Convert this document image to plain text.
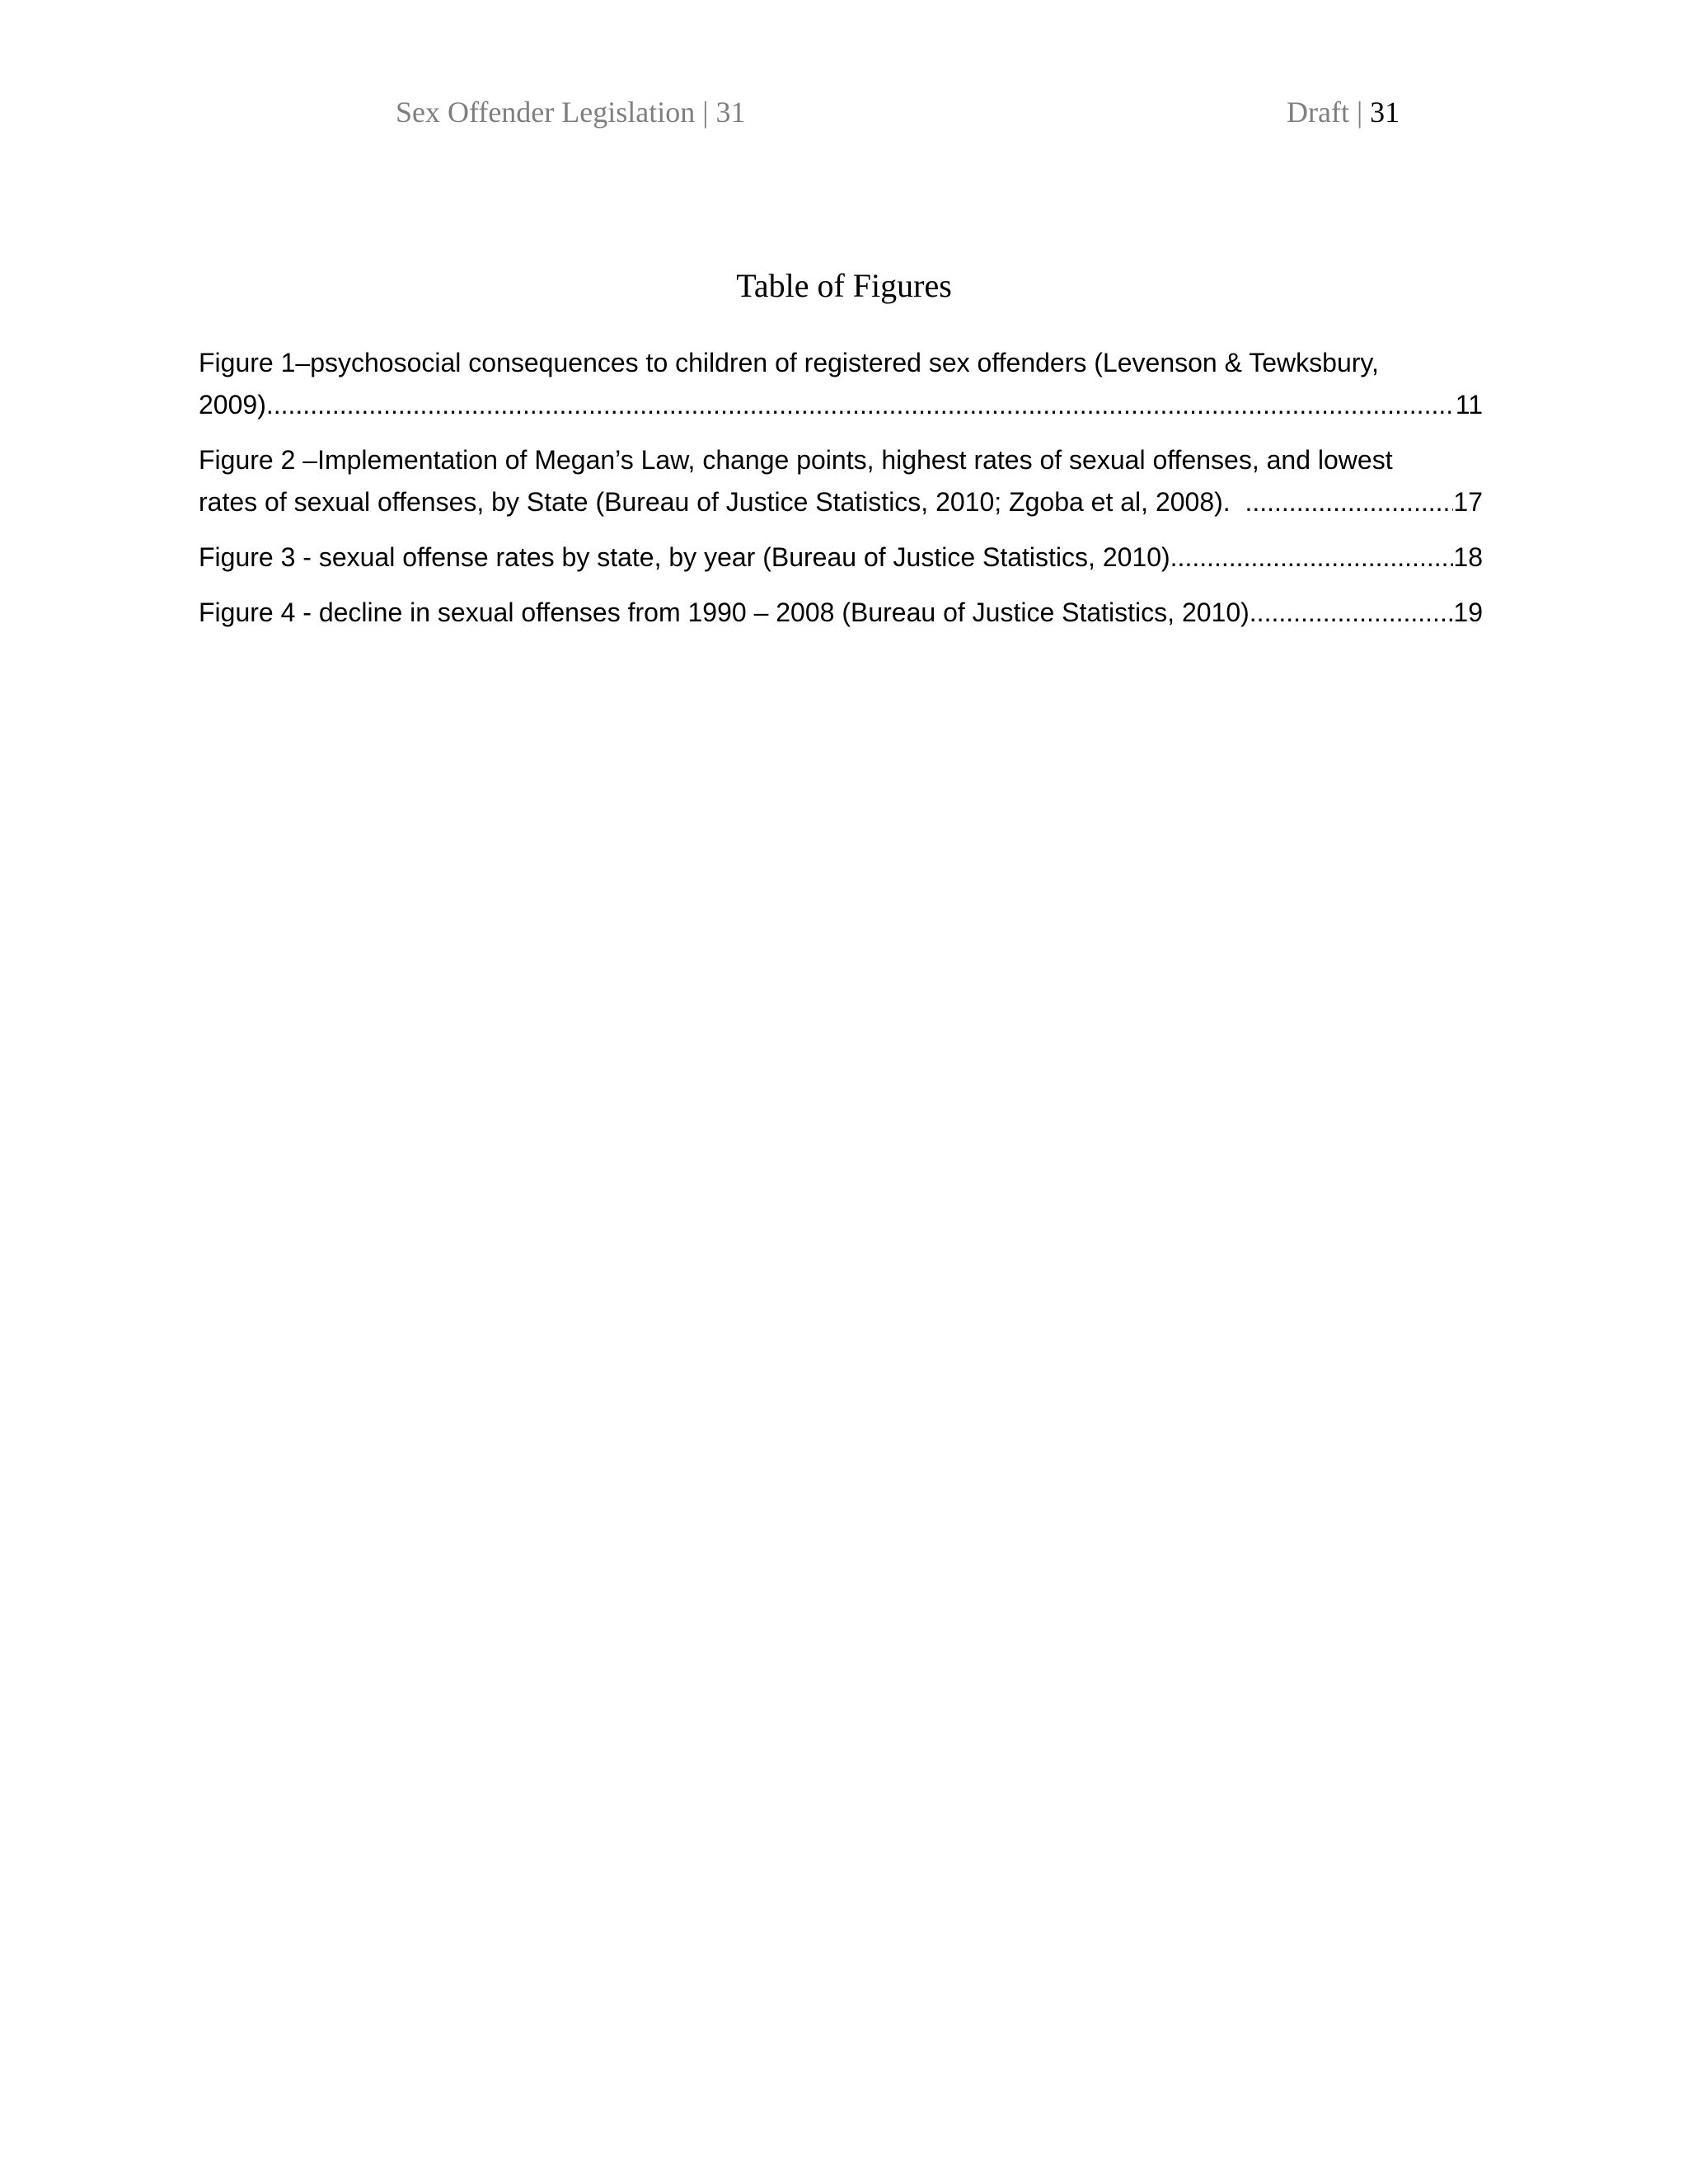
Sex Offender Legislation | 31	Draft | 31
Table of Figures
Figure 1–psychosocial consequences to children of registered sex offenders (Levenson & Tewksbury,
2009) .....	11
Figure 2 –Implementation of Megan’s Law, change points, highest rates of sexual offenses, and lowest
rates of sexual offenses, by State (Bureau of Justice Statistics, 2010; Zgoba et al, 2008). .....	17
Figure 3 - sexual offense rates by state, by year (Bureau of Justice Statistics, 2010) .....	18
Figure 4 - decline in sexual offenses from 1990 – 2008 (Bureau of Justice Statistics, 2010) .....	19
